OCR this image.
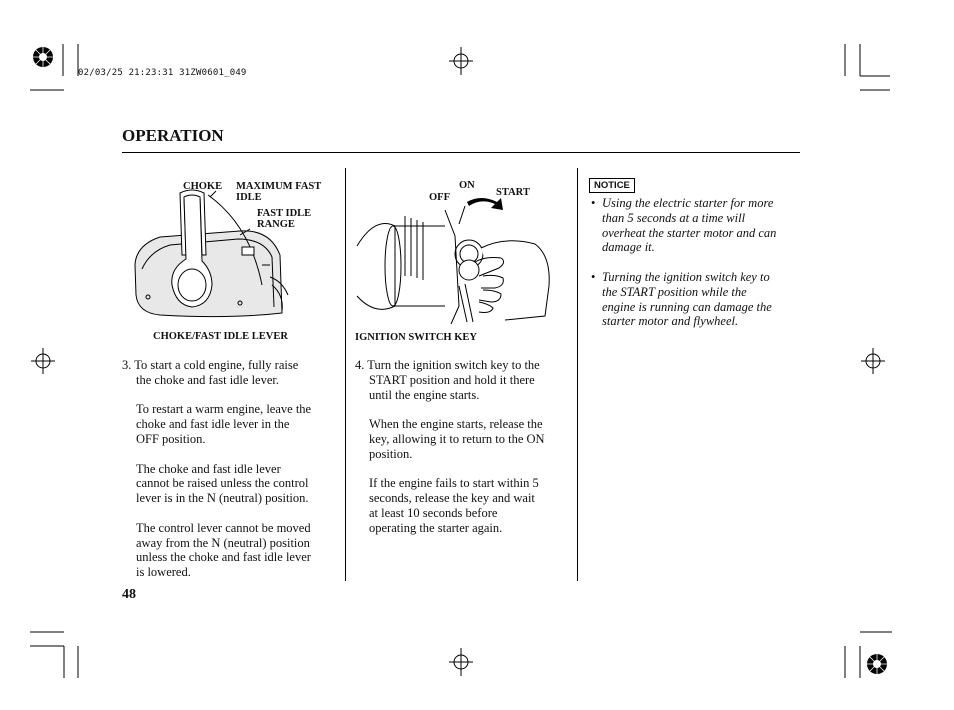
02/03/25 21:23:31 31ZW0601_049
OPERATION
CHOKE MAXIMUM FAST
IDLE
FAST IDLE
RANGE
CHOKE/FAST IDLE LEVER
ON
OFF	START
IGNITION SWITCH KEY
3. To start a cold engine, fully raise
the choke and fast idle lever.
To restart a warm engine, leave the
choke and fast idle lever in the
OFF position.
The choke and fast idle lever
cannot be raised unless the control
lever is in the N (neutral) position.
The control lever cannot be moved
away from the N (neutral) position
unless the choke and fast idle lever
is lowered.
4. Turn the ignition switch key to the
START position and hold it there
until the engine starts.
When the engine starts, release the
key, allowing it to return to the ON
position.
If the engine fails to start within 5
seconds, release the key and wait
at least 10 seconds before
operating the starter again.
NOTICE
• Using the electric starter for more
than 5 seconds at a time will
overheat the starter motor and can
damage it.
• Turning the ignition switch key to
the START position while the
engine is running can damage the
starter motor and flywheel.
48
